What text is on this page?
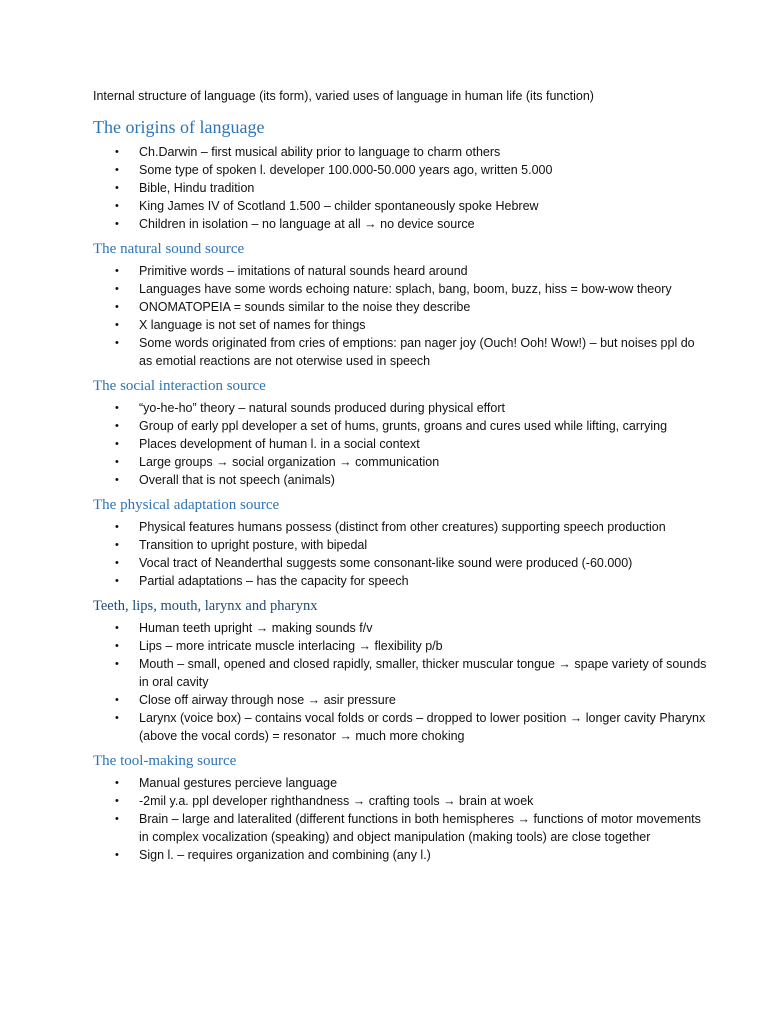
Internal structure of language (its form), varied uses of language in human life (its function)

The origins of language
• Ch.Darwin – first musical ability prior to language to charm others
• Some type of spoken l. developer 100.000-50.000 years ago, written 5.000
• Bible, Hindu tradition
• King James IV of Scotland 1.500 – childer spontaneously spoke Hebrew
• Children in isolation – no language at all → no device source
The natural sound source
• Primitive words – imitations of natural sounds heard around
• Languages have some words echoing nature: splach, bang, boom, buzz, hiss = bow-wow theory
• ONOMATOPEIA = sounds similar to the noise they describe
• X language is not set of names for things
• Some words originated from cries of emptions: pan nager joy (Ouch! Ooh! Wow!) – but noises ppl do as emotial reactions are not oterwise used in speech
The social interaction source
• “yo-he-ho” theory – natural sounds produced during physical effort
• Group of early ppl developer a set of hums, grunts, groans and cures used while lifting, carrying
• Places development of human l. in a social context
• Large groups → social organization → communication
• Overall that is not speech (animals)
The physical adaptation source
• Physical features humans possess (distinct from other creatures) supporting speech production
• Transition to upright posture, with bipedal
• Vocal tract of Neanderthal suggests some consonant-like sound were produced (-60.000)
• Partial adaptations – has the capacity for speech
Teeth, lips, mouth, larynx and pharynx
• Human teeth upright → making sounds f/v
• Lips – more intricate muscle interlacing → flexibility p/b
• Mouth – small, opened and closed rapidly, smaller, thicker muscular tongue → spape variety of sounds in oral cavity
• Close off airway through nose → asir pressure
• Larynx (voice box) – contains vocal folds or cords – dropped to lower position → longer cavity Pharynx (above the vocal cords) = resonator → much more choking
The tool-making source
• Manual gestures percieve language
• -2mil y.a. ppl developer righthandness → crafting tools → brain at woek
• Brain – large and lateralited (different functions in both hemispheres → functions of motor movements in complex vocalization (speaking) and object manipulation (making tools) are close together
• Sign l. – requires organization and combining (any l.)
